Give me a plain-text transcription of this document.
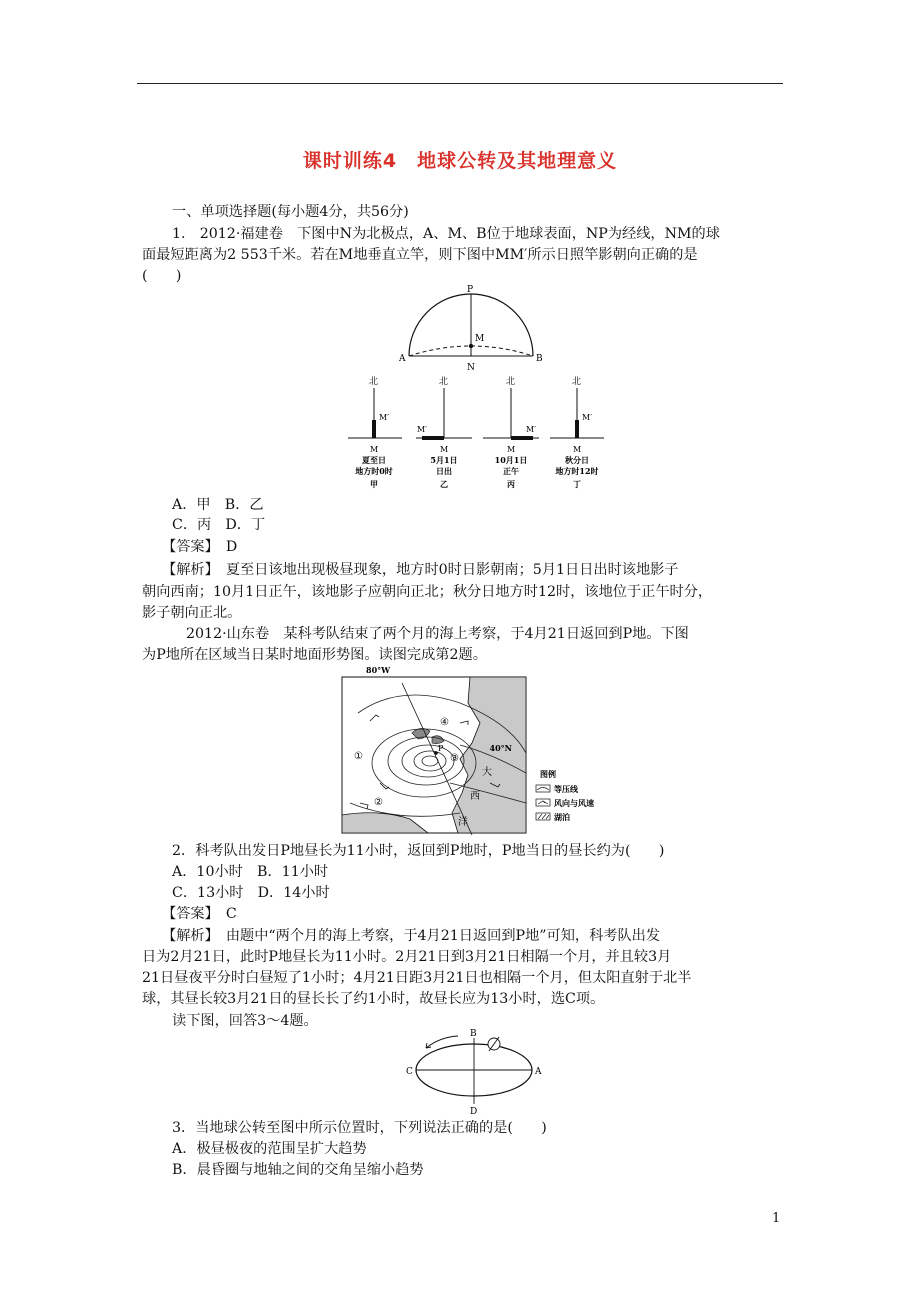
课时训练4　地球公转及其地理意义
一、单项选择题(每小题4分，共56分)
1.　2012·福建卷　下图中N为北极点，A、M、B位于地球表面，NP为经线，NM的球
面最短距离为2 553千米。若在M地垂直立竿，则下图中MM′所示日照竿影朝向正确的是
(　　)
P
M
A	B
N
北
M′
M
夏至日
地方时0时
甲
北
M′
M
5月1日
日出
乙
北
M′
M
10月1日
正午
丙
北
M′
M
秋分日
地方时12时
丁
A．甲　B．乙
C．丙　D．丁
【答案】　D
【解析】　夏至日该地出现极昼现象，地方时0时日影朝南；5月1日日出时该地影子
朝向西南；10月1日正午，该地影子应朝向正北；秋分日地方时12时，该地位于正午时分，
影子朝向正北。
2012·山东卷　某科考队结束了两个月的海上考察，于4月21日返回到P地。下图
为P地所在区域当日某时地面形势图。读图完成第2题。
80°W
P
①
②
③
④
40°N
大
西
洋
图例
等压线
风向与风速
湖泊
2．科考队出发日P地昼长为11小时，返回到P地时，P地当日的昼长约为(　　)
A．10小时　B．11小时
C．13小时　D．14小时
【答案】　C
【解析】　由题中“两个月的海上考察，于4月21日返回到P地”可知，科考队出发
日为2月21日，此时P地昼长为11小时。2月21日到3月21日相隔一个月，并且较3月
21日昼夜平分时白昼短了1小时；4月21日距3月21日也相隔一个月，但太阳直射于北半
球，其昼长较3月21日的昼长长了约1小时，故昼长应为13小时，选C项。
读下图，回答3～4题。
B
C	A
D
3．当地球公转至图中所示位置时，下列说法正确的是(　　)
A．极昼极夜的范围呈扩大趋势
B．晨昏圈与地轴之间的交角呈缩小趋势
1
